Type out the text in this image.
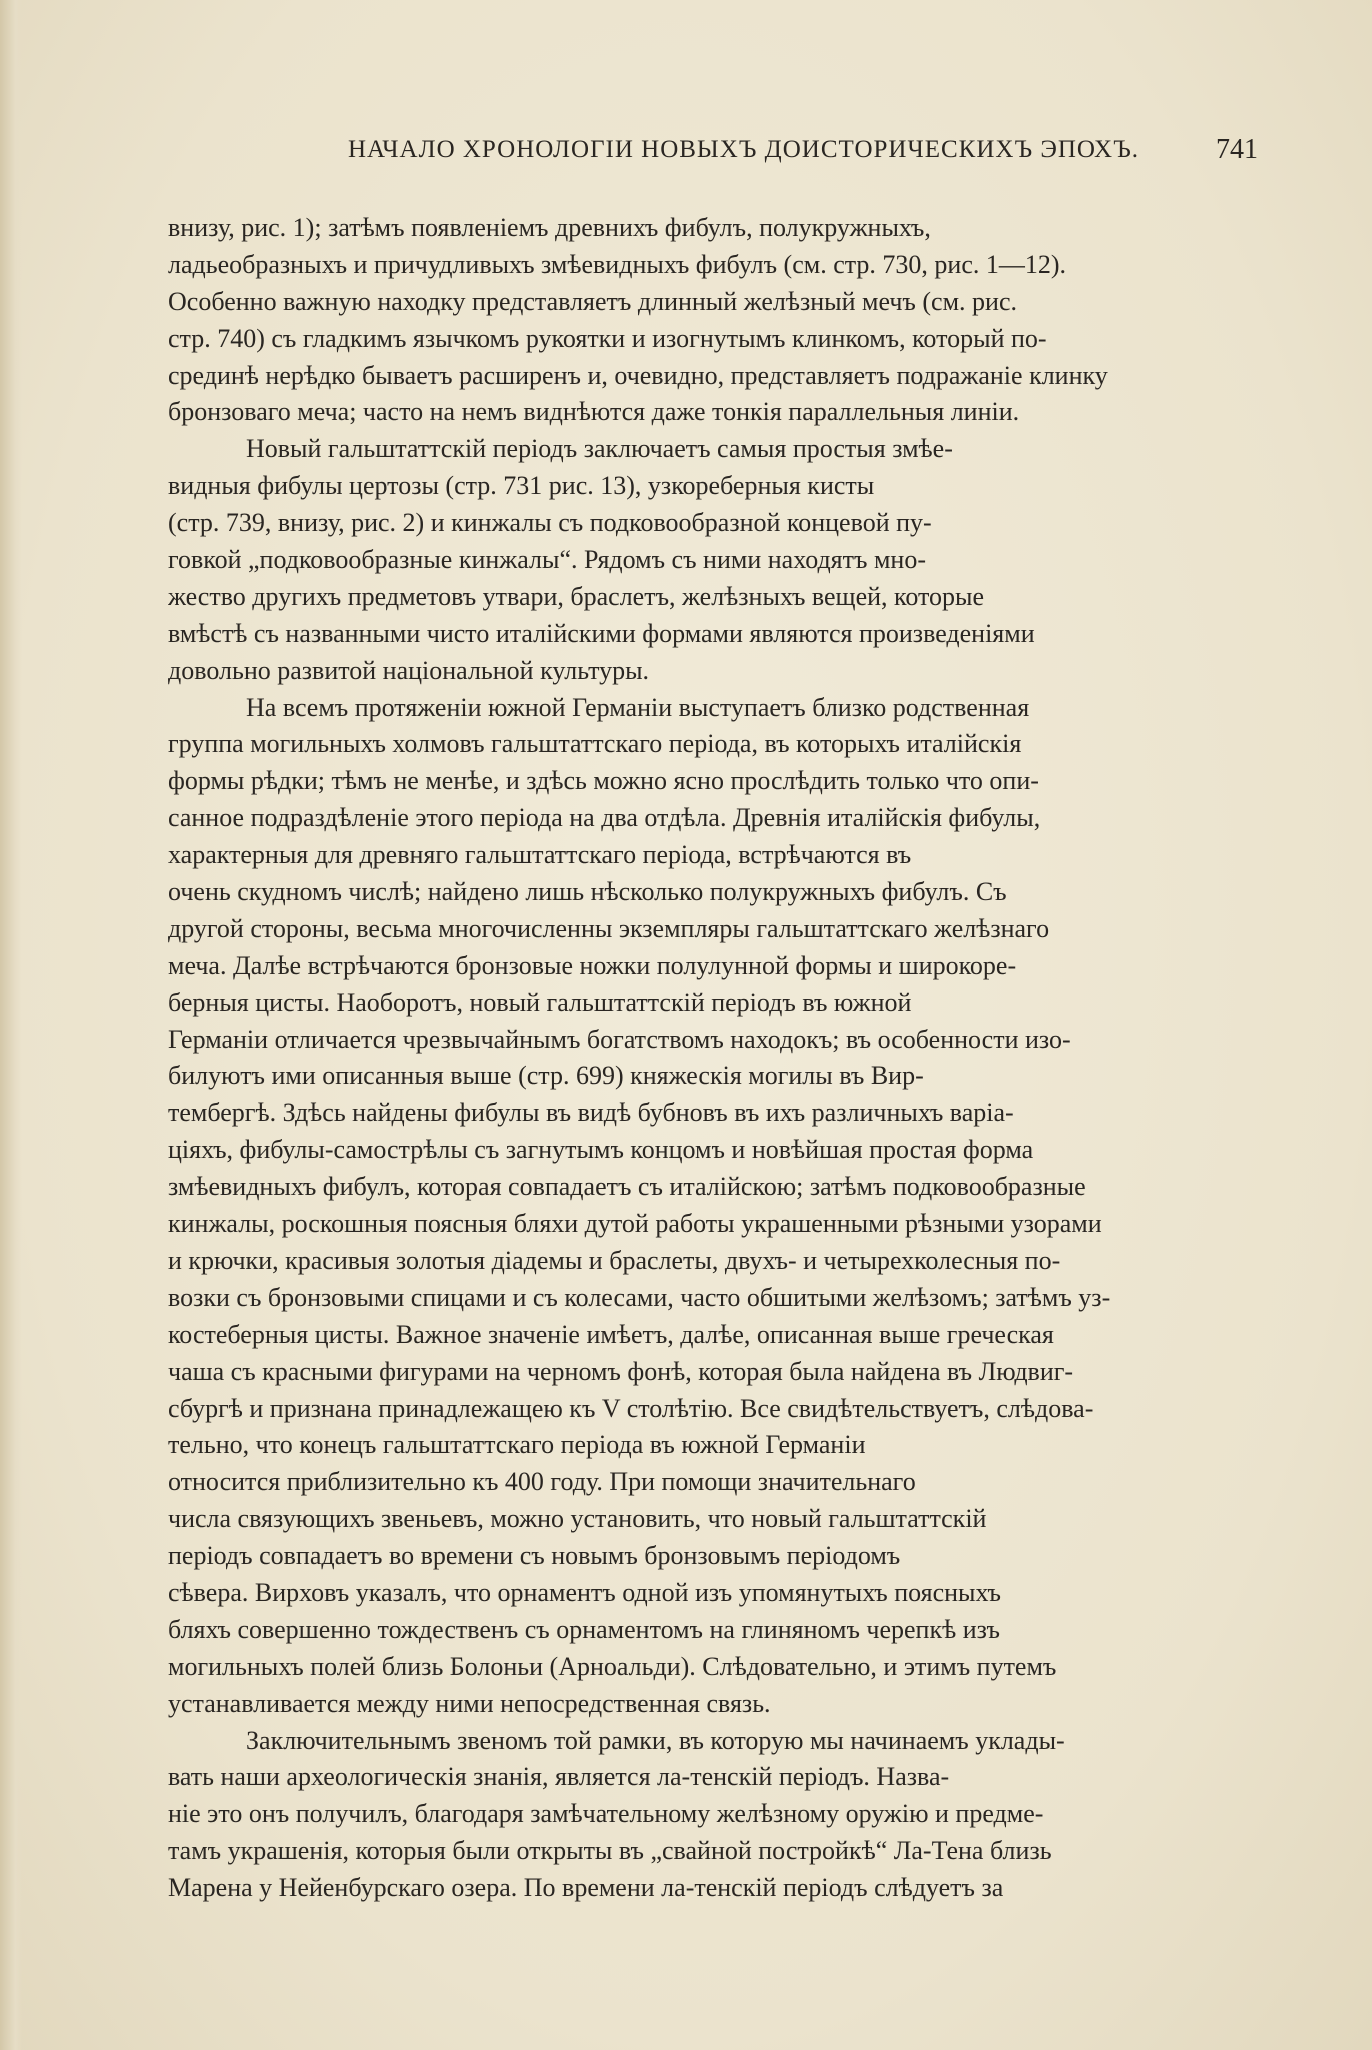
НАЧАЛО ХРОНОЛОГІИ НОВЫХЪ ДОИСТОРИЧЕСКИХЪ ЭПОХЪ.	741
внизу, рис. 1); затѣмъ появленіемъ древнихъ фибулъ, полукружныхъ,
ладьеобразныхъ и причудливыхъ змѣевидныхъ фибулъ (см. стр. 730, рис. 1—12).
Особенно важную находку представляетъ длинный желѣзный мечъ (см. рис.
стр. 740) съ гладкимъ язычкомъ рукоятки и изогнутымъ клинкомъ, который по-
срединѣ нерѣдко бываетъ расширенъ и, очевидно, представляетъ подражаніе клинку
бронзоваго меча; часто на немъ виднѣются даже тонкія параллельныя линіи.
Новый гальштаттскій періодъ заключаетъ самыя простыя змѣе-
видныя фибулы цертозы (стр. 731 рис. 13), узкореберныя кисты
(стр. 739, внизу, рис. 2) и кинжалы съ подковообразной концевой пу-
говкой „подковообразные кинжалы“. Рядомъ съ ними находятъ мно-
жество другихъ предметовъ утвари, браслетъ, желѣзныхъ вещей, которые
вмѣстѣ съ названными чисто италійскими формами являются произведеніями
довольно развитой національной культуры.
На всемъ протяженіи южной Германіи выступаетъ близко родственная
группа могильныхъ холмовъ гальштаттскаго періода, въ которыхъ италійскія
формы рѣдки; тѣмъ не менѣе, и здѣсь можно ясно прослѣдить только что опи-
санное подраздѣленіе этого періода на два отдѣла. Древнія италійскія фибулы,
характерныя для древняго гальштаттскаго періода, встрѣчаются въ
очень скудномъ числѣ; найдено лишь нѣсколько полукружныхъ фибулъ. Съ
другой стороны, весьма многочисленны экземпляры гальштаттскаго желѣзнаго
меча. Далѣе встрѣчаются бронзовые ножки полулунной формы и широкоре-
берныя цисты. Наоборотъ, новый гальштаттскій періодъ въ южной
Германіи отличается чрезвычайнымъ богатствомъ находокъ; въ особенности изо-
билуютъ ими описанныя выше (стр. 699) княжескія могилы въ Вир-
тембергѣ. Здѣсь найдены фибулы въ видѣ бубновъ въ ихъ различныхъ варіа-
ціяхъ, фибулы-самострѣлы съ загнутымъ концомъ и новѣйшая простая форма
змѣевидныхъ фибулъ, которая совпадаетъ съ италійскою; затѣмъ подковообразные
кинжалы, роскошныя поясныя бляхи дутой работы украшенными рѣзными узорами
и крючки, красивыя золотыя діадемы и браслеты, двухъ- и четырехколесныя по-
возки съ бронзовыми спицами и съ колесами, часто обшитыми желѣзомъ; затѣмъ уз-
костеберныя цисты. Важное значеніе имѣетъ, далѣе, описанная выше греческая
чаша съ красными фигурами на черномъ фонѣ, которая была найдена въ Людвиг-
сбургѣ и признана принадлежащею къ V столѣтію. Все свидѣтельствуетъ, слѣдова-
тельно, что конецъ гальштаттскаго періода въ южной Германіи
относится приблизительно къ 400 году. При помощи значительнаго
числа связующихъ звеньевъ, можно установить, что новый гальштаттскій
періодъ совпадаетъ во времени съ новымъ бронзовымъ періодомъ
сѣвера. Вирховъ указалъ, что орнаментъ одной изъ упомянутыхъ поясныхъ
бляхъ совершенно тождественъ съ орнаментомъ на глиняномъ черепкѣ изъ
могильныхъ полей близь Болоньи (Арноальди). Слѣдовательно, и этимъ путемъ
устанавливается между ними непосредственная связь.
Заключительнымъ звеномъ той рамки, въ которую мы начинаемъ уклады-
вать наши археологическія знанія, является ла-тенскій періодъ. Назва-
ніе это онъ получилъ, благодаря замѣчательному желѣзному оружію и предме-
тамъ украшенія, которыя были открыты въ „свайной постройкѣ“ Ла-Тена близь
Марена у Нейенбурскаго озера. По времени ла-тенскій періодъ слѣдуетъ за
